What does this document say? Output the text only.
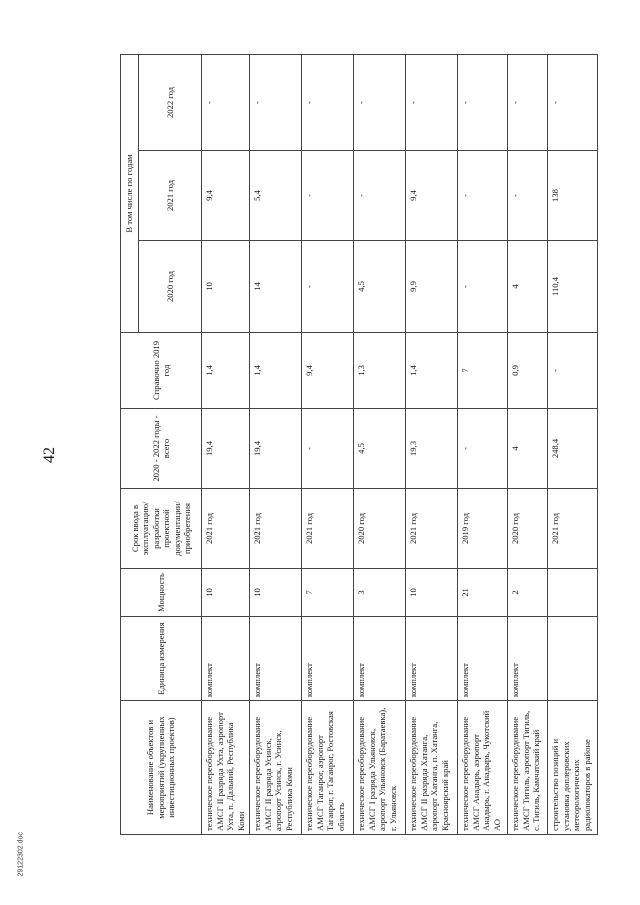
42
29122302.doc
Наименование объектов и мероприятий (укрупненных инвестиционных проектов)	Единица измерения	Мощность	Срок ввода в эксплуатацию/ разработки проектной документации/ приобретения	2020 - 2022 годы - всего	Справочно 2019 год	В том числе по годам		
						2020 год	2021 год	2022 год
техническое переоборудование АМСГ II разряда Ухта, аэропорт Ухта, п. Дальний, Республика Коми	комплект	10	2021 год	19,4	1,4	10	9,4	-
техническое переоборудование АМСГ II разряда Усинск, аэропорт Усинск, г. Усинск, Республика Коми	комплект	10	2021 год	19,4	1,4	14	5,4	-
техническое переоборудование АМСГ Таганрог, аэропорт Таганрог, г. Таганрог, Ростовская область	комплект	7	2021 год	-	9,4	-	-	-
техническое переоборудование АМСГ I разряда Ульяновск, аэропорт Ульяновск (Баратаевка), г. Ульяновск	комплект	3	2020 год	4,5	1,3	4,5	-	-
техническое переоборудование АМСГ II разряда Хатанга, аэропорт Хатанга, п. Хатанга, Красноярский край	комплект	10	2021 год	19,3	1,4	9,9	9,4	-
техническое переоборудование АМСГ Анадырь, аэропорт Анадырь, г. Анадырь, Чукотский АО	комплект	21	2019 год	-	7	-	-	-
техническое переоборудование АМСГ Тигиль, аэропорт Тигиль, с. Тигиль, Камчатский край	комплект	2	2020 год	4	0,9	4	-	-
строительство позиций и установка доплеровских метеорологических радиолокаторов в районе			2021 год	248,4	-	110,4	138	-
